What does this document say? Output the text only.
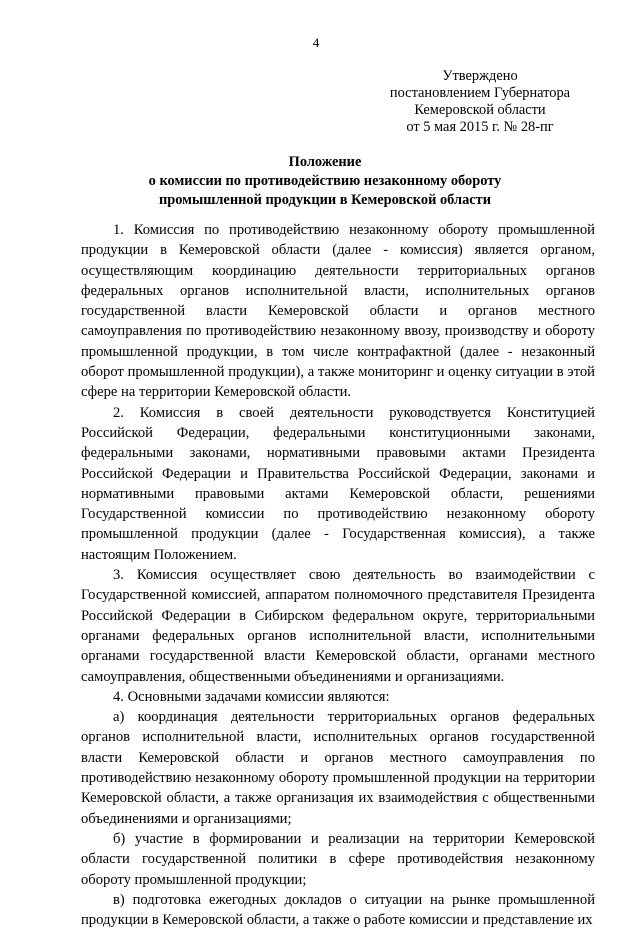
4
Утверждено
постановлением Губернатора
Кемеровской области
от 5 мая 2015 г. № 28-пг
Положение
о комиссии по противодействию незаконному обороту
промышленной продукции в Кемеровской области

1. Комиссия по противодействию незаконному обороту промышленной продукции в Кемеровской области (далее - комиссия) является органом, осуществляющим координацию деятельности территориальных органов федеральных органов исполнительной власти, исполнительных органов государственной власти Кемеровской области и органов местного самоуправления по противодействию незаконному ввозу, производству и обороту промышленной продукции, в том числе контрафактной (далее - незаконный оборот промышленной продукции), а также мониторинг и оценку ситуации в этой сфере на территории Кемеровской области.

2. Комиссия в своей деятельности руководствуется Конституцией Российской Федерации, федеральными конституционными законами, федеральными законами, нормативными правовыми актами Президента Российской Федерации и Правительства Российской Федерации, законами и нормативными правовыми актами Кемеровской области, решениями Государственной комиссии по противодействию незаконному обороту промышленной продукции (далее - Государственная комиссия), а также настоящим Положением.

3. Комиссия осуществляет свою деятельность во взаимодействии с Государственной комиссией, аппаратом полномочного представителя Президента Российской Федерации в Сибирском федеральном округе, территориальными органами федеральных органов исполнительной власти, исполнительными органами государственной власти Кемеровской области, органами местного самоуправления, общественными объединениями и организациями.

4. Основными задачами комиссии являются:

а) координация деятельности территориальных органов федеральных органов исполнительной власти, исполнительных органов государственной власти Кемеровской области и органов местного самоуправления по противодействию незаконному обороту промышленной продукции на территории Кемеровской области, а также организация их взаимодействия с общественными объединениями и организациями;

б) участие в формировании и реализации на территории Кемеровской области государственной политики в сфере противодействия незаконному обороту промышленной продукции;

в) подготовка ежегодных докладов о ситуации на рынке промышленной продукции в Кемеровской области, а также о работе комиссии и представление их
